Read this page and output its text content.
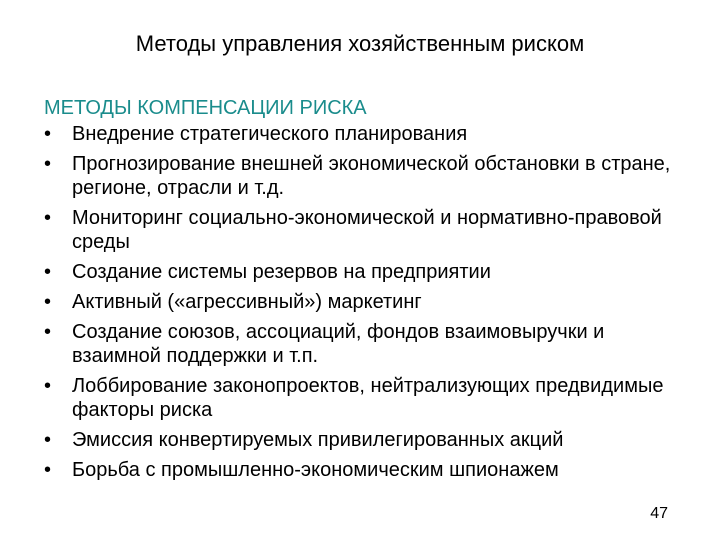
Методы управления хозяйственным риском
МЕТОДЫ КОМПЕНСАЦИИ РИСКА
•	Внедрение стратегического планирования
•	Прогнозирование внешней экономической обстановки в стране, регионе, отрасли и т.д.
•	Мониторинг социально-экономической и нормативно-правовой среды
•	Создание системы резервов на предприятии
•	Активный («агрессивный») маркетинг
•	Создание союзов, ассоциаций, фондов взаимовыручки и взаимной поддержки и т.п.
•	Лоббирование законопроектов, нейтрализующих предвидимые факторы риска
•	Эмиссия конвертируемых привилегированных акций
•	Борьба с промышленно-экономическим шпионажем
47
